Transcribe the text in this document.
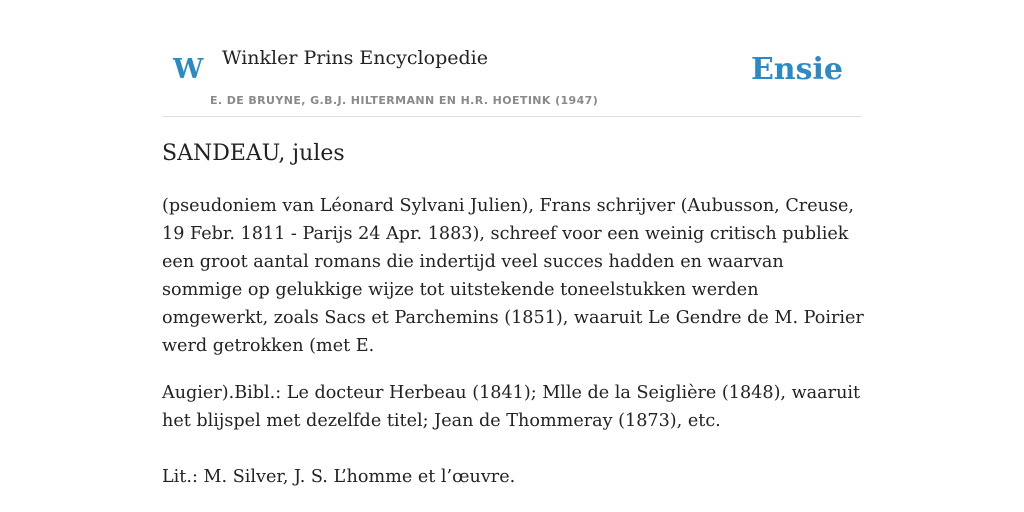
W Winkler Prins Encyclopedie
E. DE BRUYNE, G.B.J. HILTERMANN EN H.R. HOETINK (1947)
Ensie
SANDEAU, jules

(pseudoniem van Léonard Sylvani Julien), Frans schrijver (Aubusson, Creuse, 19 Febr. 1811 - Parijs 24 Apr. 1883), schreef voor een weinig critisch publiek een groot aantal romans die indertijd veel succes hadden en waarvan sommige op gelukkige wijze tot uitstekende toneelstukken werden omgewerkt, zoals Sacs et Parchemins (1851), waaruit Le Gendre de M. Poirier werd getrokken (met E.

Augier).Bibl.: Le docteur Herbeau (1841); Mlle de la Seiglière (1848), waaruit het blijspel met dezelfde titel; Jean de Thommeray (1873), etc.

Lit.: M. Silver, J. S. L’homme et l’œuvre.
